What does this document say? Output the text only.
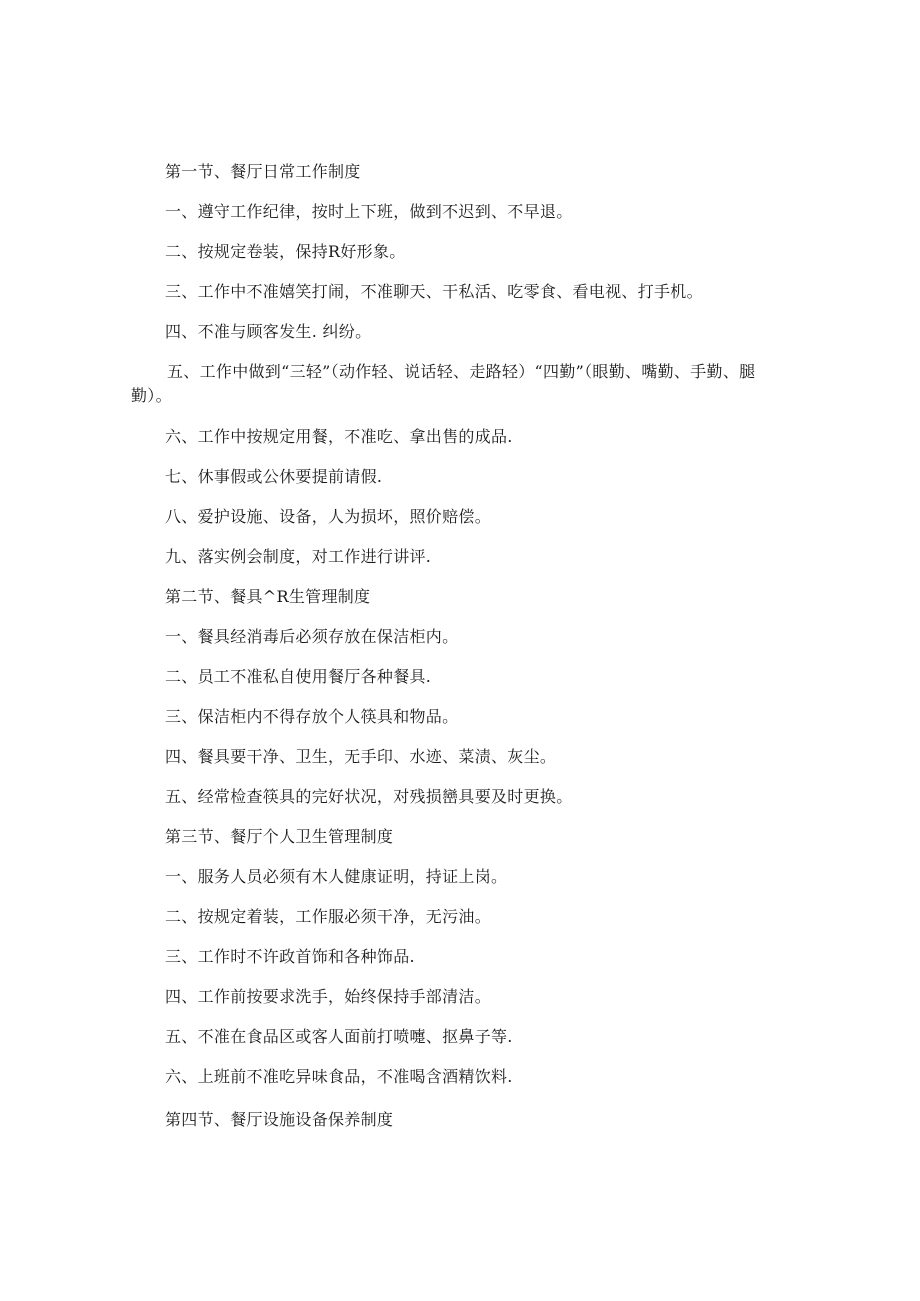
第一节、餐厅日常工作制度
一、遵守工作纪律，按时上下班，做到不迟到、不早退。
二、按规定卷装，保持R好形象。
三、工作中不准嬉笑打闹，不准聊天、干私活、吃零食、看电视、打手机。
四、不准与顾客发生. 纠纷。
五、工作中做到“三轻”（动作轻、说话轻、走路轻）“四勤”（眼勤、嘴勤、手勤、腿勤）。
六、工作中按规定用餐，不准吃、拿出售的成品.
七、休事假或公休要提前请假.
八、爱护设施、设备，人为损坏，照价赔偿。
九、落实例会制度，对工作进行讲评.
第二节、餐具^R生管理制度
一、餐具经消毒后必须存放在保洁柜内。
二、员工不准私自使用餐厅各种餐具.
三、保洁柜内不得存放个人筷具和物品。
四、餐具要干净、卫生，无手印、水迹、菜渍、灰尘。
五、经常检查筷具的完好状况，对残损巒具要及时更换。
第三节、餐厅个人卫生管理制度
一、服务人员必须有木人健康证明，持证上岗。
二、按规定着装，工作服必须干净，无污油。
三、工作时不许政首饰和各种饰品.
四、工作前按要求洗手，始终保持手部清洁。
五、不准在食品区或客人面前打喷嚏、抠鼻子等.
六、上班前不准吃异味食品，不准喝含酒精饮料.
第四节、餐厅设施设备保养制度
